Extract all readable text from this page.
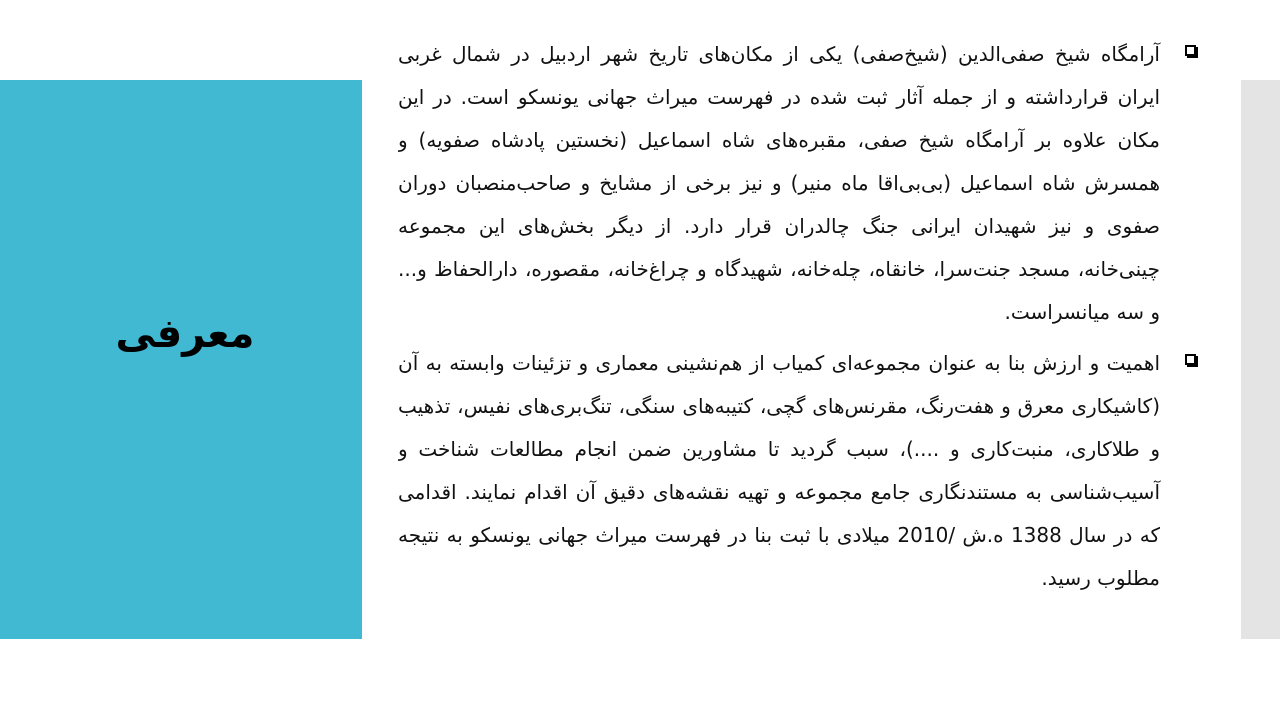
معرفی

آرامگاه شیخ صفی‌الدین (شیخ‌صفی) یکی از مکان‌های تاریخ شهر اردبیل در شمال غربی ایران قرارداشته و از جمله آثار ثبت شده در فهرست میراث جهانی یونسکو است. در این مکان علاوه بر آرامگاه شیخ صفی، مقبره‌های شاه اسماعیل (نخستین پادشاه صفویه) و همسرش شاه اسماعیل (بی‌بی‌اقا ماه منیر) و نیز برخی از مشایخ و صاحب‌منصبان دوران صفوی و نیز شهیدان ایرانی جنگ چالدران قرار دارد. از دیگر بخش‌های این مجموعه چینی‌خانه، مسجد جنت‌سرا، خانقاه، چله‌خانه، شهیدگاه و چراغ‌خانه، مقصوره، دارالحفاظ و... و سه میانسراست.

اهمیت و ارزش بنا به عنوان مجموعه‌ای کمیاب از هم‌نشینی معماری و تزئینات وابسته به آن (کاشیکاری معرق و هفت‌رنگ، مقرنس‌های گچی، کتیبه‌های سنگی، تنگ‌بری‌های نفیس، تذهیب و طلاکاری، منبت‌کاری و ....)، سبب گردید تا مشاورین ضمن انجام مطالعات شناخت و آسیب‌شناسی به مستندنگاری جامع مجموعه و تهیه نقشه‌های دقیق آن اقدام نمایند. اقدامی که در سال 1388 ه.ش /2010 میلادی با ثبت بنا در فهرست میراث جهانی یونسکو به نتیجه مطلوب رسید.
